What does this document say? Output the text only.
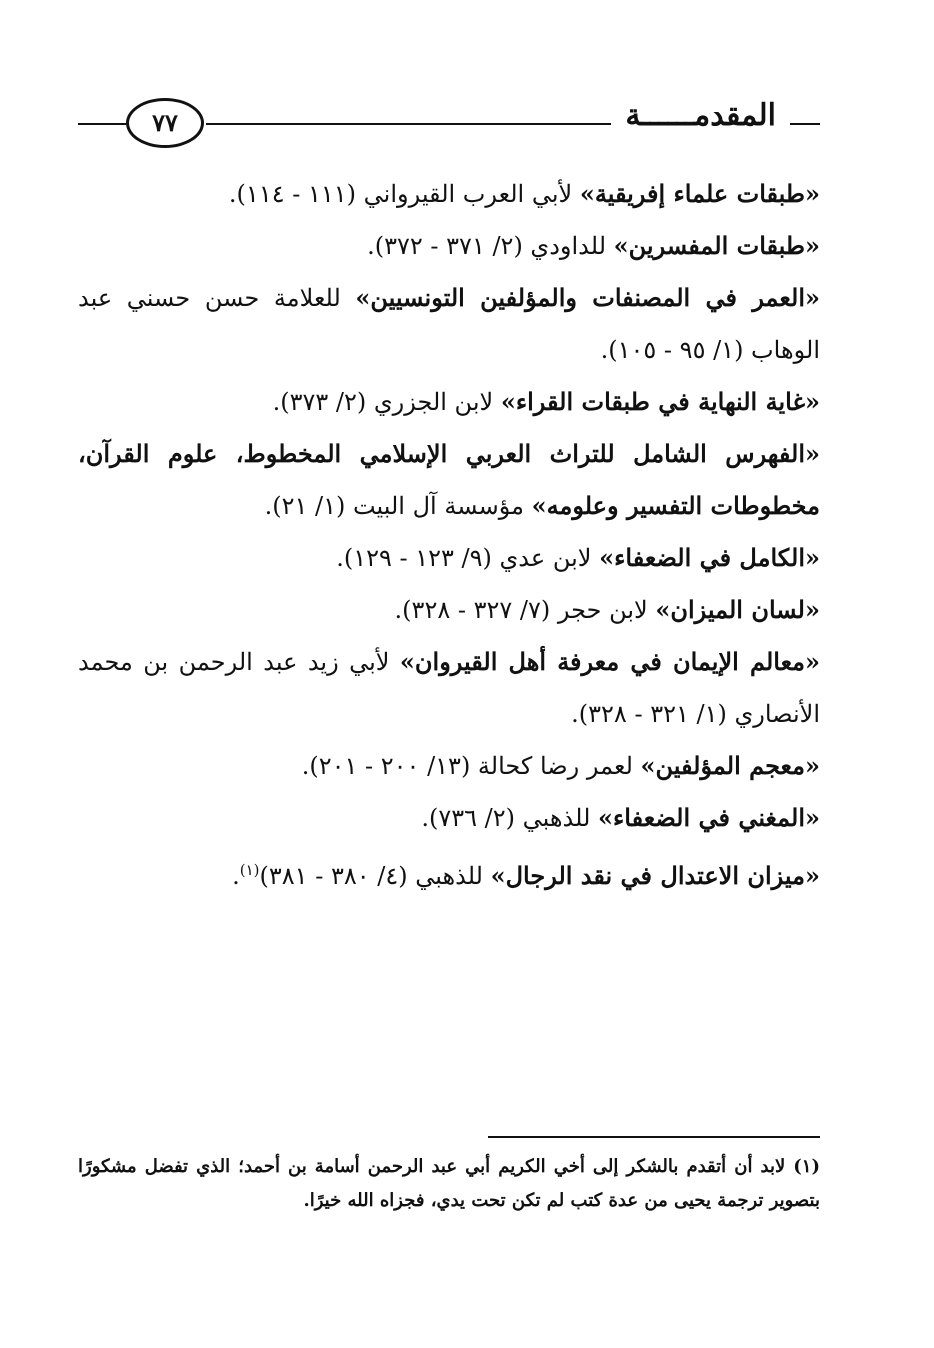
٧٧	المقدمــــــة

«طبقات علماء إفريقية» لأبي العرب القيرواني (١١١ - ١١٤).

«طبقات المفسرين» للداودي (٢/ ٣٧١ - ٣٧٢).

«العمر في المصنفات والمؤلفين التونسيين» للعلامة حسن حسني عبد الوهاب (١/ ٩٥ - ١٠٥).

«غاية النهاية في طبقات القراء» لابن الجزري (٢/ ٣٧٣).

«الفهرس الشامل للتراث العربي الإسلامي المخطوط، علوم القرآن، مخطوطات التفسير وعلومه» مؤسسة آل البيت (١/ ٢١).

«الكامل في الضعفاء» لابن عدي (٩/ ١٢٣ - ١٢٩).

«لسان الميزان» لابن حجر (٧/ ٣٢٧ - ٣٢٨).

«معالم الإيمان في معرفة أهل القيروان» لأبي زيد عبد الرحمن بن محمد الأنصاري (١/ ٣٢١ - ٣٢٨).

«معجم المؤلفين» لعمر رضا كحالة (١٣/ ٢٠٠ - ٢٠١).

«المغني في الضعفاء» للذهبي (٢/ ٧٣٦).

«ميزان الاعتدال في نقد الرجال» للذهبي (٤/ ٣٨٠ - ٣٨١)$^{(١)}$.

(١)لابد أن أتقدم بالشكر إلى أخي الكريم أبي عبد الرحمن أسامة بن أحمد؛ الذي تفضل مشكورًا
بتصوير ترجمة يحيى من عدة كتب لم تكن تحت يدي، فجزاه الله خيرًا.
